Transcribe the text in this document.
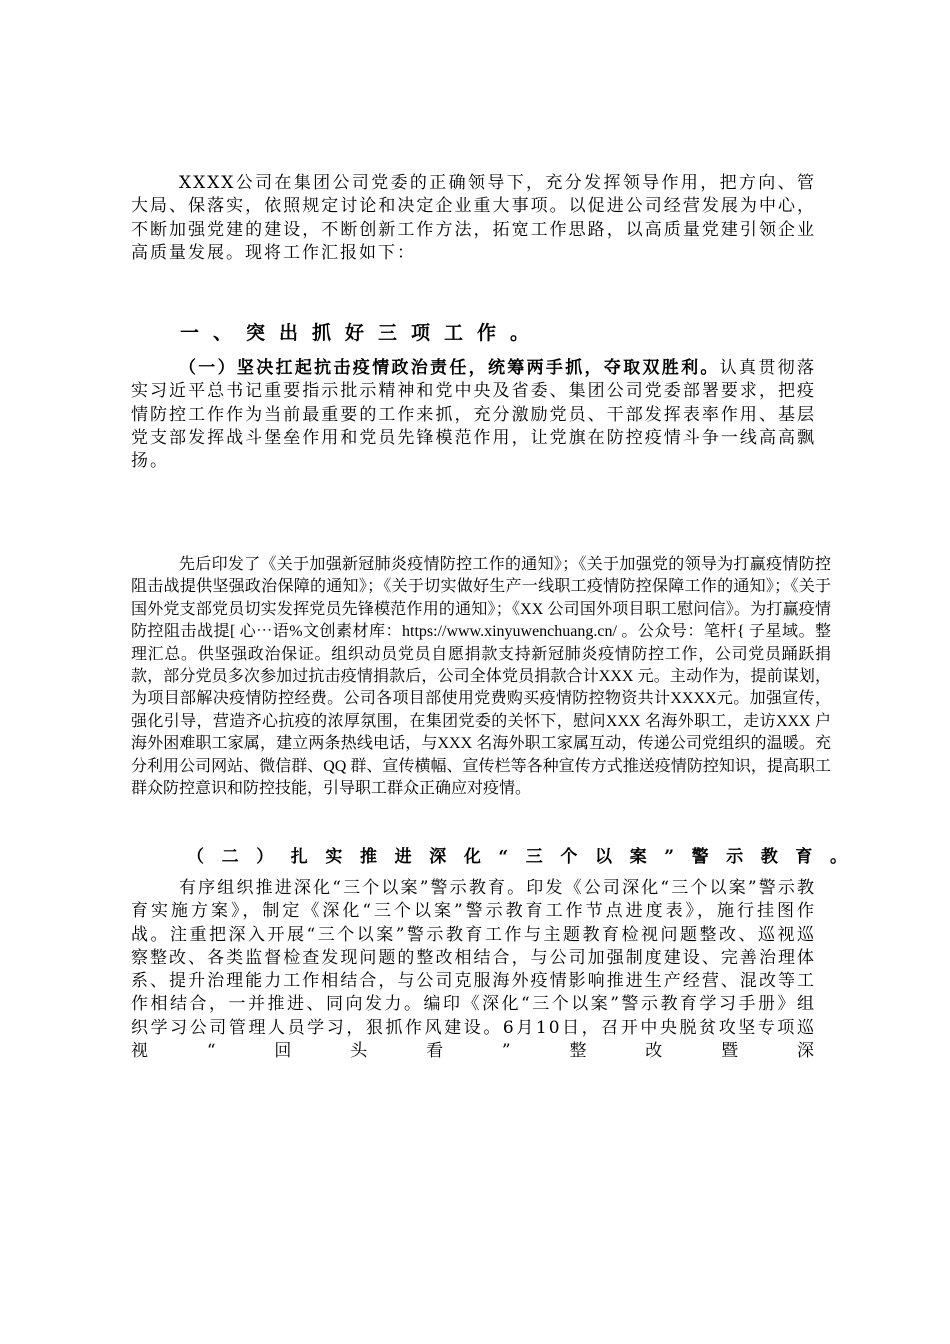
XXXX公司在集团公司党委的正确领导下，充分发挥领导作用，把方向、管大局、保落实，依照规定讨论和决定企业重大事项。以促进公司经营发展为中心，不断加强党建的建设，不断创新工作方法，拓宽工作思路，以高质量党建引领企业高质量发展。现将工作汇报如下：

一、突出抓好三项工作。

（一）坚决扛起抗击疫情政治责任，统筹两手抓，夺取双胜利。认真贯彻落实习近平总书记重要指示批示精神和党中央及省委、集团公司党委部署要求，把疫情防控工作作为当前最重要的工作来抓，充分激励党员、干部发挥表率作用、基层党支部发挥战斗堡垒作用和党员先锋模范作用，让党旗在防控疫情斗争一线高高飘扬。

先后印发了《关于加强新冠肺炎疫情防控工作的通知》；《关于加强党的领导为打赢疫情防控阻击战提供坚强政治保障的通知》；《关于切实做好生产一线职工疫情防控保障工作的通知》；《关于国外党支部党员切实发挥党员先锋模范作用的通知》；《XX 公司国外项目职工慰问信》。为打赢疫情防控阻击战提[ 心⋯语%文创素材库：https://www.xinyuwenchuang.cn/ 。公众号：笔杆{ 子星域。整理汇总。供坚强政治保证。组织动员党员自愿捐款支持新冠肺炎疫情防控工作，公司党员踊跃捐款，部分党员多次参加过抗击疫情捐款后，公司全体党员捐款合计XXX 元。主动作为，提前谋划，为项目部解决疫情防控经费。公司各项目部使用党费购买疫情防控物资共计XXXX元。加强宣传，强化引导，营造齐心抗疫的浓厚氛围，在集团党委的关怀下，慰问XXX 名海外职工，走访XXX 户海外困难职工家属，建立两条热线电话，与XXX 名海外职工家属互动，传递公司党组织的温暖。充分利用公司网站、微信群、QQ 群、宣传横幅、宣传栏等各种宣传方式推送疫情防控知识，提高职工群众防控意识和防控技能，引导职工群众正确应对疫情。

（二）扎实推进深化“三个以案”警示教育。

有序组织推进深化“三个以案”警示教育。印发《公司深化“三个以案”警示教育实施方案》，制定《深化“三个以案”警示教育工作节点进度表》，施行挂图作战。注重把深入开展“三个以案”警示教育工作与主题教育检视问题整改、巡视巡察整改、各类监督检查发现问题的整改相结合，与公司加强制度建设、完善治理体系、提升治理能力工作相结合，与公司克服海外疫情影响推进生产经营、混改等工作相结合，一并推进、同向发力。编印《深化“三个以案”警示教育学习手册》组织学习公司管理人员学习，狠抓作风建设。6月10日，召开中央脱贫攻坚专项巡视“回头看”整改暨深
